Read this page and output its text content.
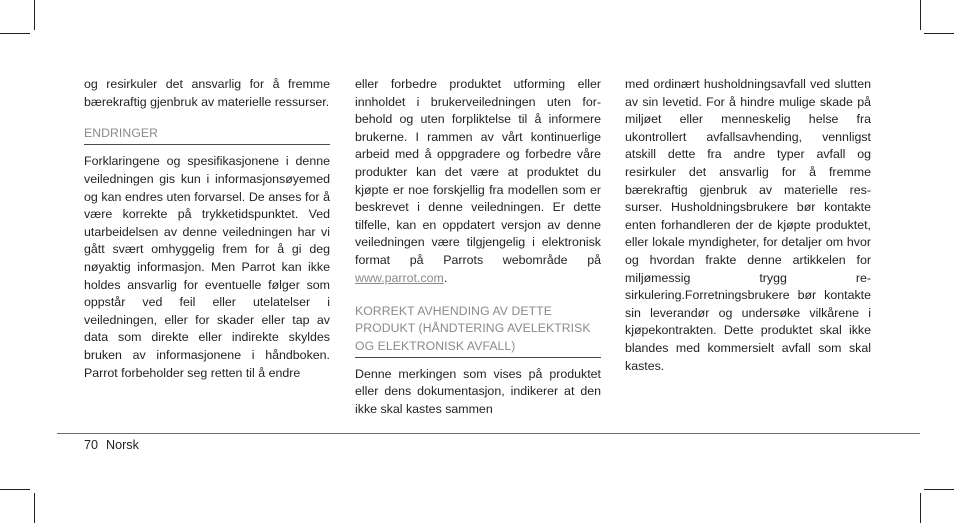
og resirkuler det ansvarlig for å fremme bærekraftig gjenbruk av materielle ressurser.

ENDRINGER

Forklaringene og spesifikasjonene i denne veiledningen gis kun i informasjonsøyemed og kan endres uten forvarsel. De anses for å være korrekte på trykketidspunktet. Ved utarbeidelsen av denne veiledningen har vi gått svært omhyggelig frem for å gi deg nøyaktig informasjon. Men Parrot kan ikke holdes ansvarlig for eventuelle følger som oppstår ved feil eller utelatelser i veiledningen, eller for skader eller tap av data som direkte eller indirekte skyldes bruken av informasjonene i håndboken. Parrot forbeholder seg retten til å endre

eller forbedre produktet utforming eller innholdet i brukerveiledningen uten forbehold og uten forpliktelse til å informere brukerne. I rammen av vårt kontinuerlige arbeid med å oppgradere og forbedre våre produkter kan det være at produktet du kjøpte er noe forskjellig fra modellen som er beskrevet i denne veiledningen. Er dette tilfelle, kan en oppdatert versjon av denne veiledningen være tilgjengelig i elektronisk format på Parrots webområde på www.parrot.com.

KORREKT AVHENDING AV DETTE PRODUKT (HÅNDTERING AVELEKTRISK OG ELEKTRONISK AVFALL)

Denne merkingen som vises på produktet eller dens dokumentasjon, indikerer at den ikke skal kastes sammen

med ordinært husholdningsavfall ved slutten av sin levetid. For å hindre mulige skade på miljøet eller menneskelig helse fra ukontrollert avfallsavhending, vennligst atskill dette fra andre typer avfall og resirkuler det ansvarlig for å fremme bærekraftig gjenbruk av materielle res-surser. Husholdningsbrukere bør kontakte enten forhandleren der de kjøpte produktet, eller lokale myndigheter, for detaljer om hvor og hvordan frakte denne artikkelen for miljømessig trygg resirkulering.Forretningsbrukere bør kontakte sin leverandør og undersøke vilkårene i kjøpekontrakten. Dette produktet skal ikke blandes med kommersielt avfall som skal kastes.

70 Norsk
